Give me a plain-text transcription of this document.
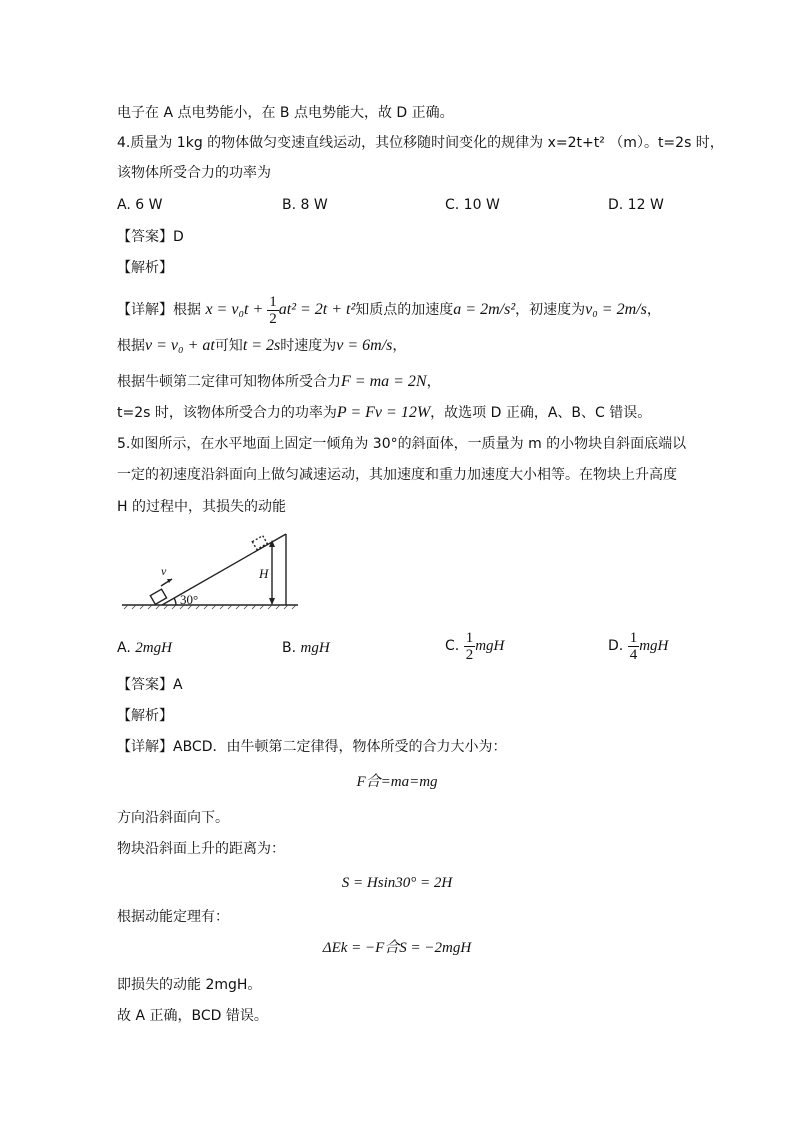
电子在 A 点电势能小，在 B 点电势能大，故 D 正确。
4.质量为 1kg 的物体做匀变速直线运动，其位移随时间变化的规律为 x=2t+t² （m）。t=2s 时，
该物体所受合力的功率为
A. 6 W	B. 8 W	C. 10 W	D. 12 W
【答案】D
【解析】
【详解】根据 $x = v_0t + \frac{1}{2} at^2 = 2t + t^2$知质点的加速度a = 2m/s²，初速度为v₀ = 2m/s，
根据v = v₀ + at可知t = 2s时速度为v = 6m/s，
根据牛顿第二定律可知物体所受合力F = ma = 2N，
t=2s 时，该物体所受合力的功率为P = Fv = 12W，故选项 D 正确，A、B、C 错误。
5.如图所示，在水平地面上固定一倾角为 30°的斜面体，一质量为 m 的小物块自斜面底端以
一定的初速度沿斜面向上做匀减速运动，其加速度和重力加速度大小相等。在物块上升高度
H 的过程中，其损失的动能
v
30°
H
A. 2mgH	B. mgH	C. $\frac{1}{2}$ mgH	D. $\frac{1}{4}$ mgH
【答案】A
【解析】
【详解】ABCD．由牛顿第二定律得，物体所受的合力大小为：
F合=ma=mg
方向沿斜面向下。
物块沿斜面上升的距离为：
S = Hsin30° = 2H
根据动能定理有：
ΔEk = −F合S = −2mgH
即损失的动能 2mgH。
故 A 正确，BCD 错误。
